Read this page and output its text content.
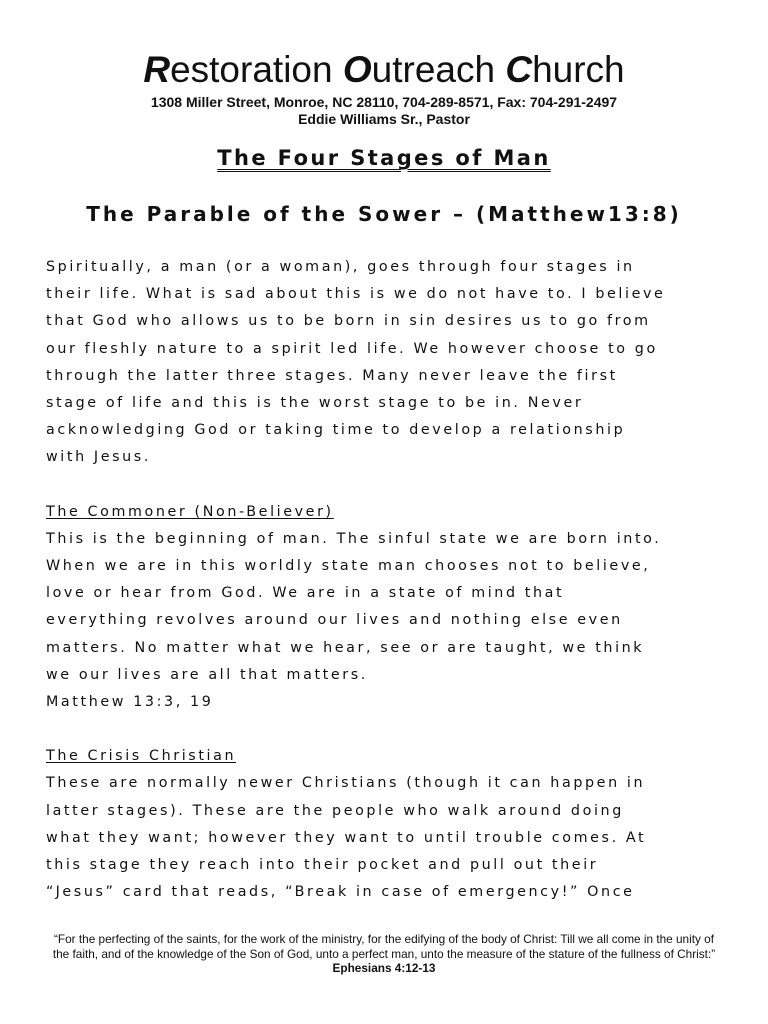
Restoration Outreach Church
1308 Miller Street, Monroe, NC 28110, 704-289-8571, Fax: 704-291-2497
Eddie Williams Sr., Pastor
The Four Stages of Man
The Parable of the Sower – (Matthew13:8)

Spiritually, a man (or a woman), goes through four stages in

their life. What is sad about this is we do not have to. I believe

that God who allows us to be born in sin desires us to go from

our fleshly nature to a spirit led life. We however choose to go

through the latter three stages. Many never leave the first

stage of life and this is the worst stage to be in. Never

acknowledging God or taking time to develop a relationship

with Jesus.

The Commoner (Non-Believer)

This is the beginning of man. The sinful state we are born into.

When we are in this worldly state man chooses not to believe,

love or hear from God. We are in a state of mind that

everything revolves around our lives and nothing else even

matters. No matter what we hear, see or are taught, we think

we our lives are all that matters.

Matthew 13:3, 19

The Crisis Christian

These are normally newer Christians (though it can happen in

latter stages). These are the people who walk around doing

what they want; however they want to until trouble comes. At

this stage they reach into their pocket and pull out their

“Jesus” card that reads, “Break in case of emergency!” Once

“For the perfecting of the saints, for the work of the ministry, for the edifying of the body of Christ: Till we all come in the unity of the faith, and of the knowledge of the Son of God, unto a perfect man, unto the measure of the stature of the fullness of Christ:” Ephesians 4:12-13
